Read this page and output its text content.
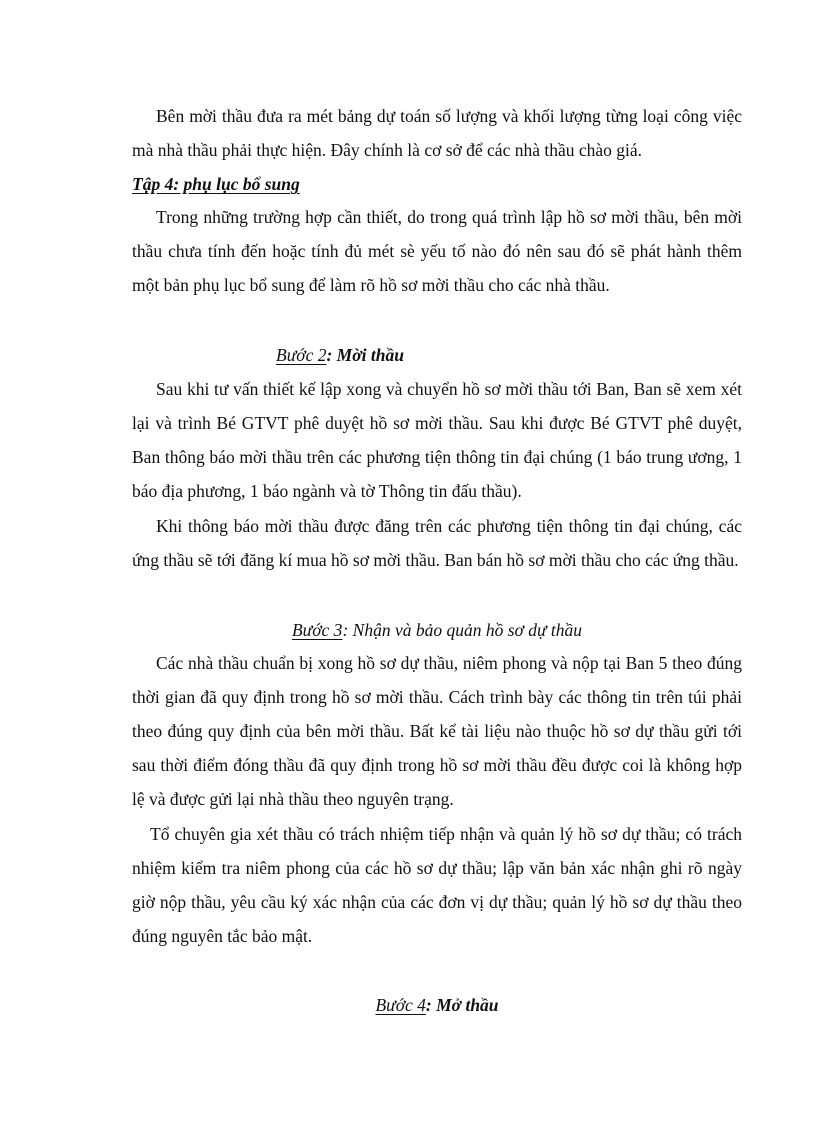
Bên mời thầu đưa ra mét bảng dự toán số lượng và khối lượng từng loại công việc mà nhà thầu phải thực hiện. Đây chính là cơ sở để các nhà thầu chào giá.

Tập 4: phụ lục bổ sung

Trong những trường hợp cần thiết, do trong quá trình lập hồ sơ mời thầu, bên mời thầu chưa tính đến hoặc tính đủ mét sè yếu tố nào đó nên sau đó sẽ phát hành thêm một bản phụ lục bổ sung để làm rõ hồ sơ mời thầu cho các nhà thầu.

Bước 2: Mời thầu

Sau khi tư vấn thiết kế lập xong và chuyển hồ sơ mời thầu tới Ban, Ban sẽ xem xét lại và trình Bé GTVT phê duyệt hồ sơ mời thầu. Sau khi được Bé GTVT phê duyệt, Ban thông báo mời thầu trên các phương tiện thông tin đại chúng (1 báo trung ương, 1 báo địa phương, 1 báo ngành và tờ Thông tin đấu thầu).

Khi thông báo mời thầu được đăng trên các phương tiện thông tin đại chúng, các ứng thầu sẽ tới đăng kí mua hồ sơ mời thầu. Ban bán hồ sơ mời thầu cho các ứng thầu.

Bước 3: Nhận và bảo quản hồ sơ dự thầu

Các nhà thầu chuẩn bị xong hồ sơ dự thầu, niêm phong và nộp tại Ban 5 theo đúng thời gian đã quy định trong hồ sơ mời thầu. Cách trình bày các thông tin trên túi phải theo đúng quy định của bên mời thầu. Bất kể tài liệu nào thuộc hồ sơ dự thầu gửi tới sau thời điểm đóng thầu đã quy định trong hồ sơ mời thầu đều được coi là không hợp lệ và được gửi lại nhà thầu theo nguyên trạng.

Tổ chuyên gia xét thầu có trách nhiệm tiếp nhận và quản lý hồ sơ dự thầu; có trách nhiệm kiểm tra niêm phong của các hồ sơ dự thầu; lập văn bản xác nhận ghi rõ ngày giờ nộp thầu, yêu cầu ký xác nhận của các đơn vị dự thầu; quản lý hồ sơ dự thầu theo đúng nguyên tắc bảo mật.

Bước 4: Mở thầu
